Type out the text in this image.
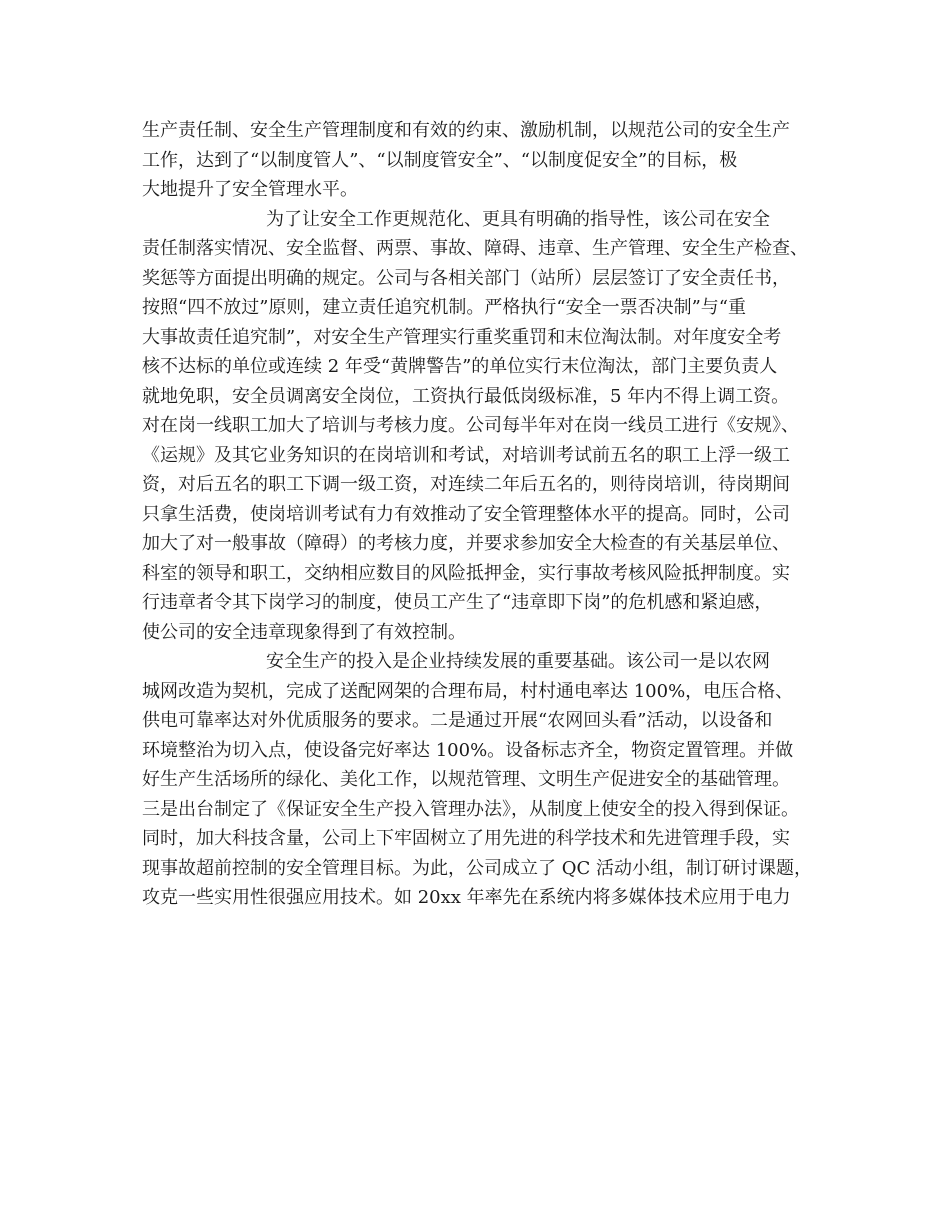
生产责任制、安全生产管理制度和有效的约束、激励机制，以规范公司的安全生产
工作，达到了“以制度管人”、“以制度管安全”、“以制度促安全”的目标，极
大地提升了安全管理水平。
为了让安全工作更规范化、更具有明确的指导性，该公司在安全
责任制落实情况、安全监督、两票、事故、障碍、违章、生产管理、安全生产检查、
奖惩等方面提出明确的规定。公司与各相关部门（站所）层层签订了安全责任书，
按照“四不放过”原则，建立责任追究机制。严格执行“安全一票否决制”与“重
大事故责任追究制”，对安全生产管理实行重奖重罚和末位淘汰制。对年度安全考
核不达标的单位或连续 2 年受“黄牌警告”的单位实行末位淘汰，部门主要负责人
就地免职，安全员调离安全岗位，工资执行最低岗级标准，5 年内不得上调工资。
对在岗一线职工加大了培训与考核力度。公司每半年对在岗一线员工进行《安规》、
《运规》及其它业务知识的在岗培训和考试，对培训考试前五名的职工上浮一级工
资，对后五名的职工下调一级工资，对连续二年后五名的，则待岗培训，待岗期间
只拿生活费，使岗培训考试有力有效推动了安全管理整体水平的提高。同时，公司
加大了对一般事故（障碍）的考核力度，并要求参加安全大检查的有关基层单位、
科室的领导和职工，交纳相应数目的风险抵押金，实行事故考核风险抵押制度。实
行违章者令其下岗学习的制度，使员工产生了“违章即下岗”的危机感和紧迫感，
使公司的安全违章现象得到了有效控制。
安全生产的投入是企业持续发展的重要基础。该公司一是以农网
城网改造为契机，完成了送配网架的合理布局，村村通电率达 100%，电压合格、
供电可靠率达对外优质服务的要求。二是通过开展“农网回头看”活动，以设备和
环境整治为切入点，使设备完好率达 100%。设备标志齐全，物资定置管理。并做
好生产生活场所的绿化、美化工作，以规范管理、文明生产促进安全的基础管理。
三是出台制定了《保证安全生产投入管理办法》，从制度上使安全的投入得到保证。
同时，加大科技含量，公司上下牢固树立了用先进的科学技术和先进管理手段，实
现事故超前控制的安全管理目标。为此，公司成立了 QC 活动小组，制订研讨课题，
攻克一些实用性很强应用技术。如 20xx 年率先在系统内将多媒体技术应用于电力
